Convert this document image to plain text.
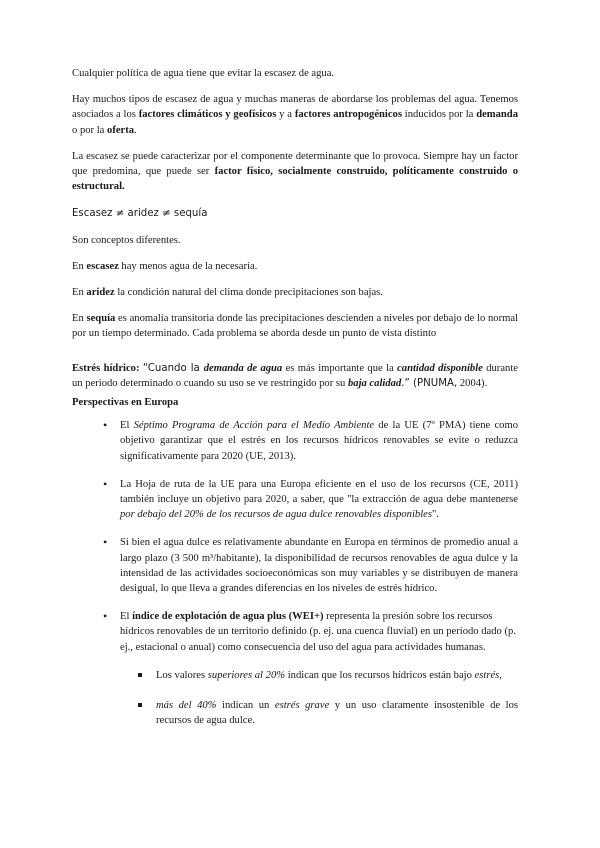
Cualquier política de agua tiene que evitar la escasez de agua.

Hay muchos tipos de escasez de agua y muchas maneras de abordarse los problemas del agua. Tenemos asociados a los factores climáticos y geofísicos y a factores antropogénicos inducidos por la demanda o por la oferta.

La escasez se puede caracterizar por el componente determinante que lo provoca. Siempre hay un factor que predomina, que puede ser factor físico, socialmente construido, políticamente construido o estructural.

Escasez ≠ aridez ≠ sequía

Son conceptos diferentes.

En escasez hay menos agua de la necesaria.

En aridez la condición natural del clima donde precipitaciones son bajas.

En sequía es anomalía transitoria donde las precipitaciones descienden a niveles por debajo de lo normal por un tiempo determinado. Cada problema se aborda desde un punto de vista distinto

Estrés hídrico: “Cuando la demanda de agua es más importante que la cantidad disponible durante un periodo determinado o cuando su uso se ve restringido por su baja calidad.” (PNUMA, 2004).

Perspectivas en Europa

• El Séptimo Programa de Acción para el Medio Ambiente de la UE (7º PMA) tiene como objetivo garantizar que el estrés en los recursos hídricos renovables se evite o reduzca significativamente para 2020 (UE, 2013).
• La Hoja de ruta de la UE para una Europa eficiente en el uso de los recursos (CE, 2011) también incluye un objetivo para 2020, a saber, que "la extracción de agua debe mantenerse por debajo del 20% de los recursos de agua dulce renovables disponibles".
• Si bien el agua dulce es relativamente abundante en Europa en términos de promedio anual a largo plazo (3 500 m³/habitante), la disponibilidad de recursos renovables de agua dulce y la intensidad de las actividades socioeconómicas son muy variables y se distribuyen de manera desigual, lo que lleva a grandes diferencias en los niveles de estrés hídrico.
• El índice de explotación de agua plus (WEI+) representa la presión sobre los recursos hídricos renovables de un territorio definido (p. ej. una cuenca fluvial) en un período dado (p. ej., estacional o anual) como consecuencia del uso del agua para actividades humanas.
Los valores superiores al 20% indican que los recursos hídricos están bajo estrés,
más del 40% indican un estrés grave y un uso claramente insostenible de los recursos de agua dulce.
